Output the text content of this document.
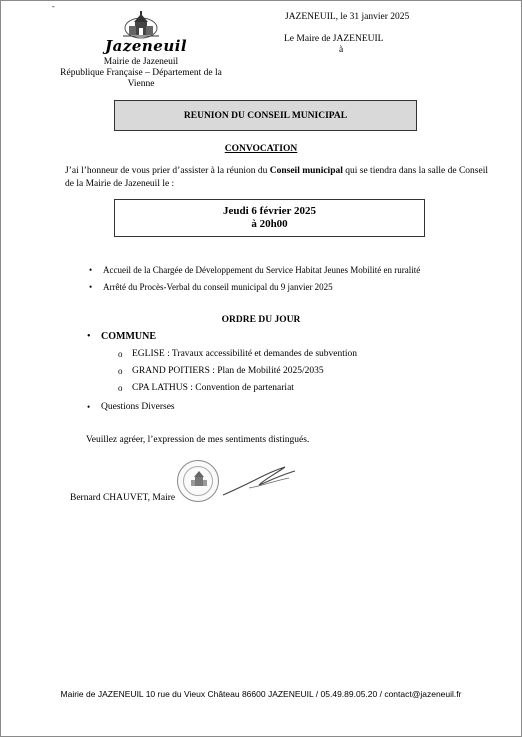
-
Jazeneuil
Mairie de Jazeneuil
République Française – Département de la
Vienne
JAZENEUIL, le 31 janvier 2025
Le Maire de JAZENEUIL
à
REUNION DU CONSEIL MUNICIPAL
CONVOCATION
J’ai l’honneur de vous prier d’assister à la réunion du Conseil municipal qui se tiendra dans la salle de Conseil de la Mairie de Jazeneuil le :
Jeudi 6 février 2025
à 20h00
• Accueil de la Chargée de Développement du Service Habitat Jeunes Mobilité en ruralité
• Arrêté du Procès-Verbal du conseil municipal du 9 janvier 2025
ORDRE DU JOUR
• COMMUNE
o EGLISE : Travaux accessibilité et demandes de subvention
o GRAND POITIERS : Plan de Mobilité 2025/2035
o CPA LATHUS : Convention de partenariat
• Questions Diverses
Veuillez agréer, l’expression de mes sentiments distingués.
Bernard CHAUVET, Maire
Mairie de JAZENEUIL 10 rue du Vieux Château 86600 JAZENEUIL / 05.49.89.05.20 / contact@jazeneuil.fr
